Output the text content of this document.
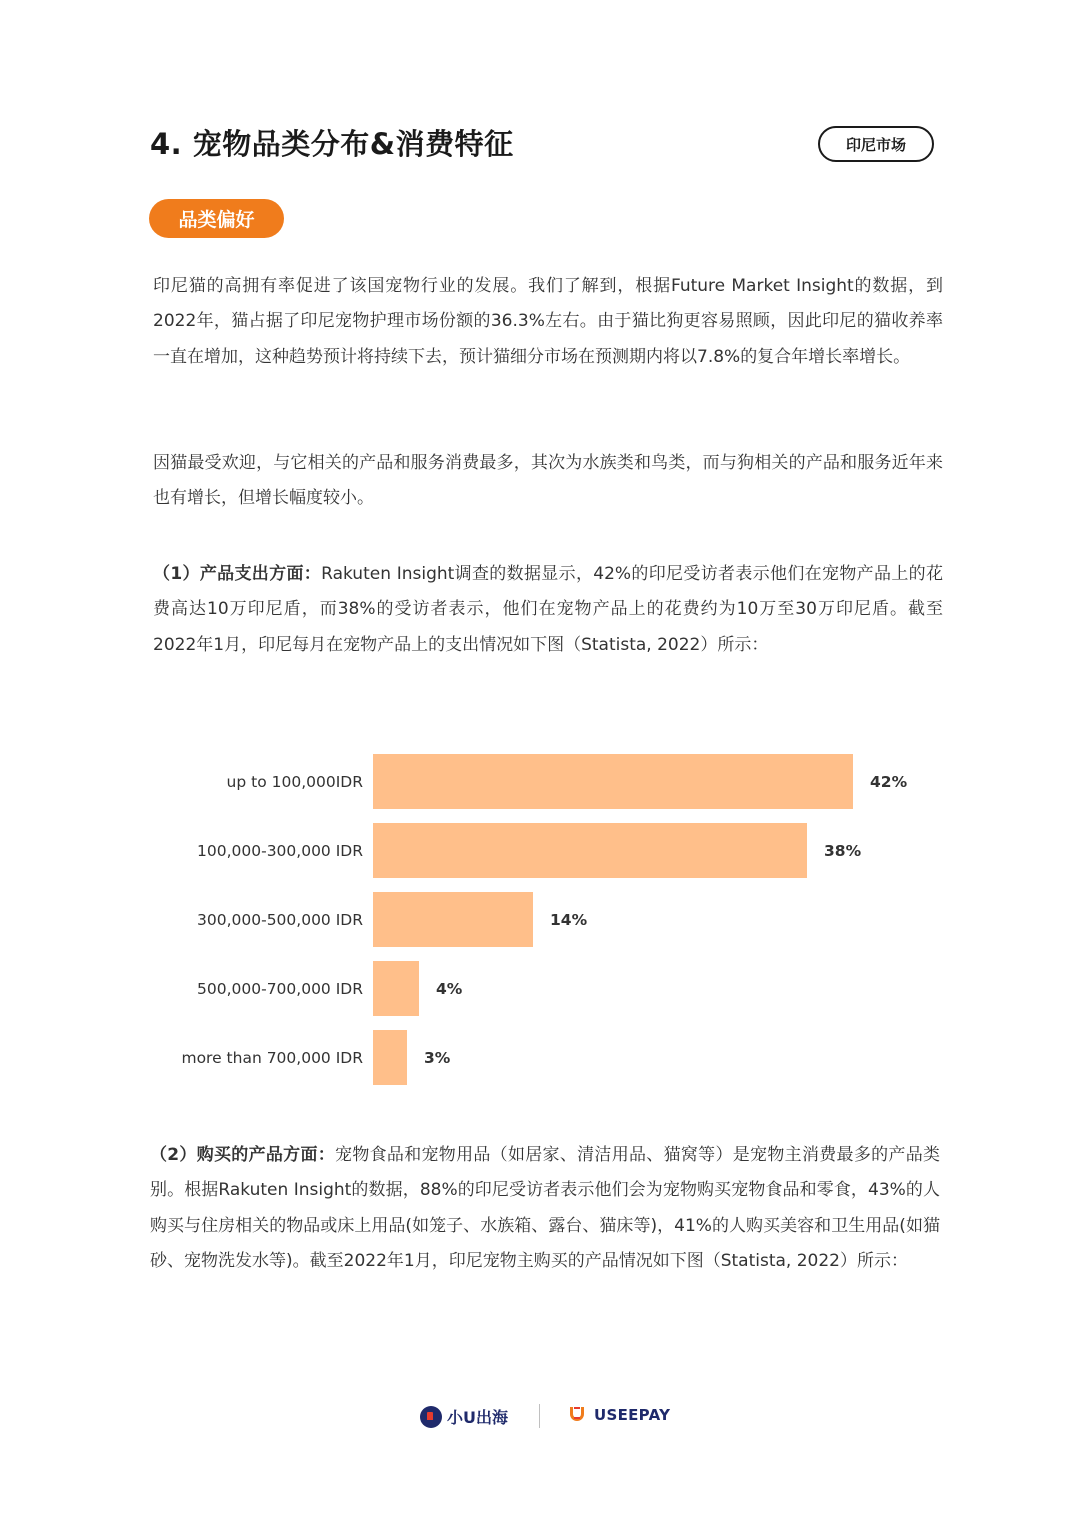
4. 宠物品类分布&消费特征	印尼市场
品类偏好
印尼猫的高拥有率促进了该国宠物行业的发展。我们了解到，根据Future Market Insight的数据，到2022年，猫占据了印尼宠物护理市场份额的36.3%左右。由于猫比狗更容易照顾，因此印尼的猫收养率一直在增加，这种趋势预计将持续下去，预计猫细分市场在预测期内将以7.8%的复合年增长率增长。
因猫最受欢迎，与它相关的产品和服务消费最多，其次为水族类和鸟类，而与狗相关的产品和服务近年来也有增长，但增长幅度较小。
（1）产品支出方面：Rakuten Insight调查的数据显示，42%的印尼受访者表示他们在宠物产品上的花费高达10万印尼盾，而38%的受访者表示，他们在宠物产品上的花费约为10万至30万印尼盾。截至2022年1月，印尼每月在宠物产品上的支出情况如下图（Statista, 2022）所示：
up to 100,000IDR	42%
100,000-300,000 IDR	38%
300,000-500,000 IDR	14%
500,000-700,000 IDR	4%
more than 700,000 IDR	3%
（2）购买的产品方面：宠物食品和宠物用品（如居家、清洁用品、猫窝等）是宠物主消费最多的产品类别。根据Rakuten Insight的数据，88%的印尼受访者表示他们会为宠物购买宠物食品和零食，43%的人购买与住房相关的物品或床上用品(如笼子、水族箱、露台、猫床等)，41%的人购买美容和卫生用品(如猫砂、宠物洗发水等)。截至2022年1月，印尼宠物主购买的产品情况如下图（Statista, 2022）所示：
小U出海	USEEPAY
